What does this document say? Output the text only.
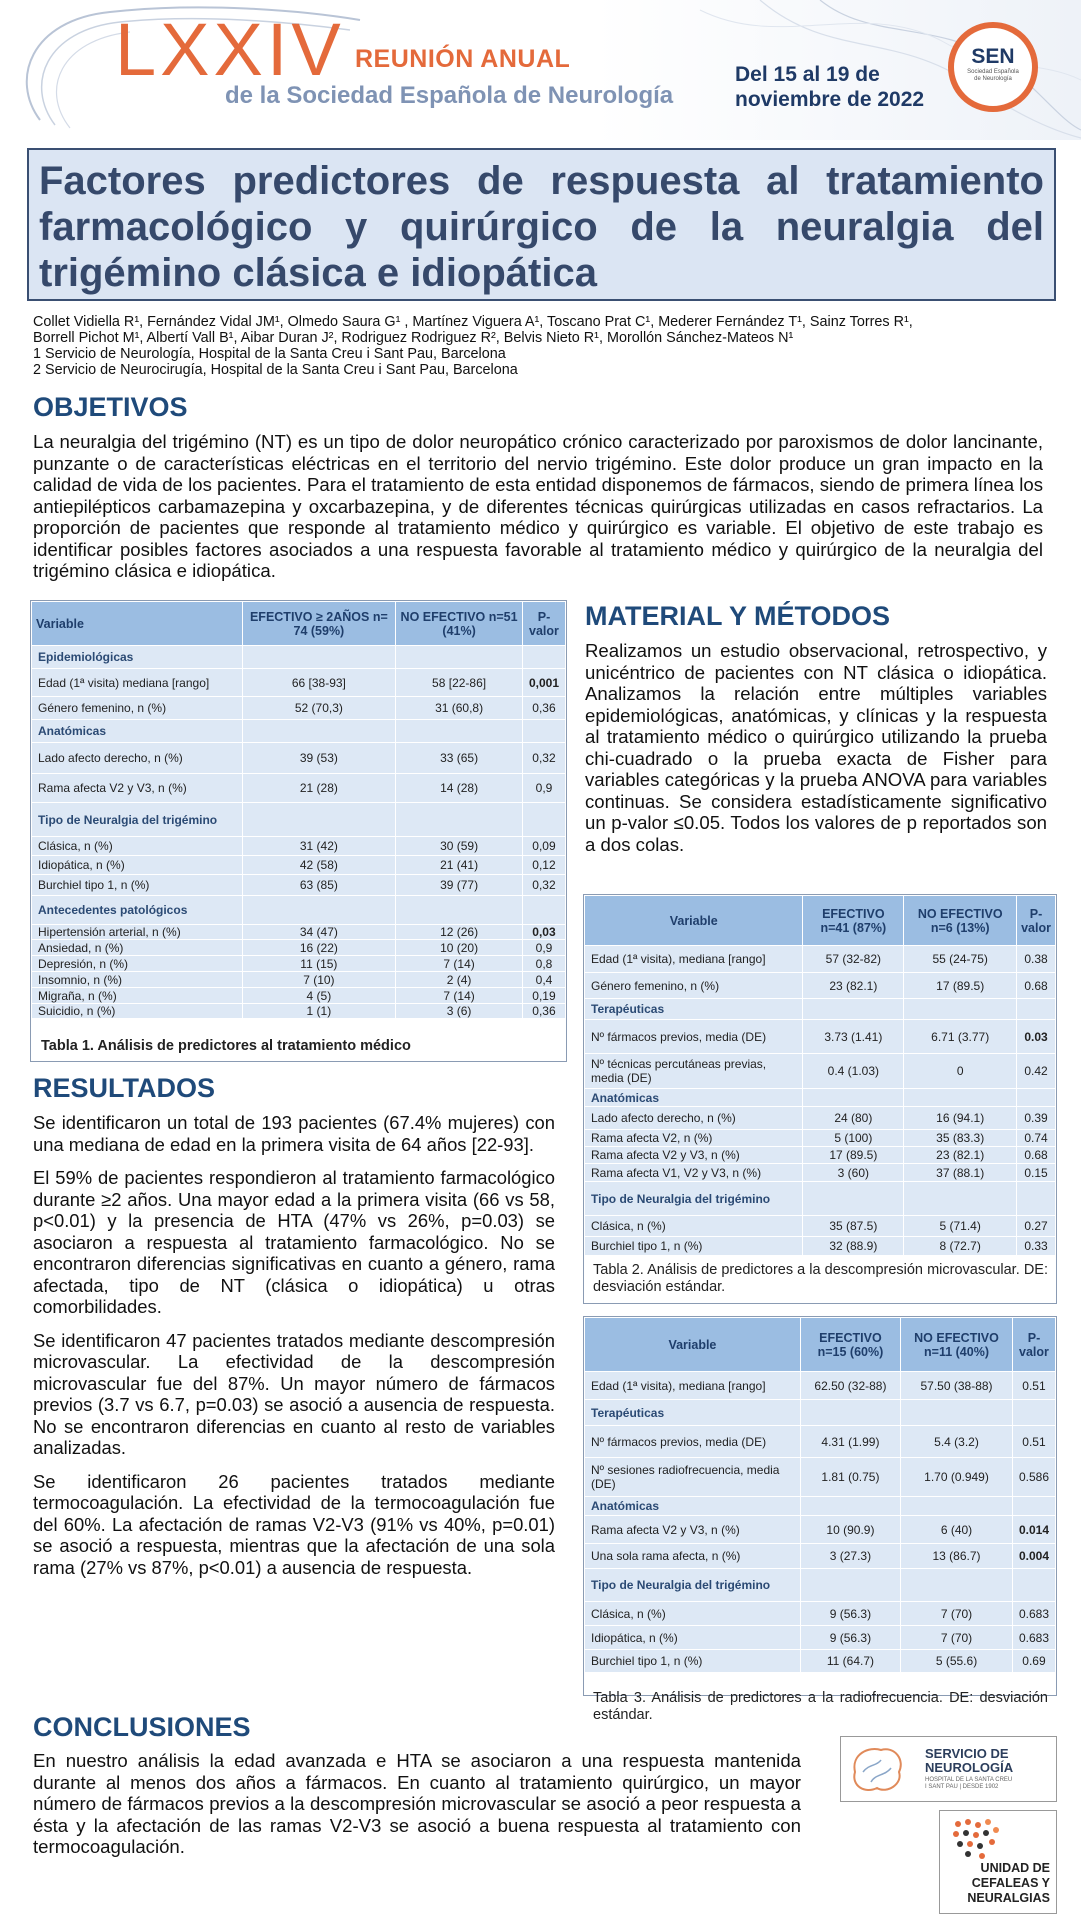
LXXIV REUNIÓN ANUAL
de la Sociedad Española de Neurología
Del 15 al 19 de
noviembre de 2022
SEN
Sociedad Española
de Neurología
Factores predictores de respuesta al tratamiento farmacológico y quirúrgico de la neuralgia del trigémino clásica e idiopática
Collet Vidiella R¹, Fernández Vidal JM¹, Olmedo Saura G¹ , Martínez Viguera A¹, Toscano Prat C¹, Mederer Fernández T¹, Sainz Torres R¹,
Borrell Pichot M¹, Albertí Vall B¹, Aibar Duran J², Rodriguez Rodriguez R², Belvis Nieto R¹, Morollón Sánchez-Mateos N¹
1 Servicio de Neurología, Hospital de la Santa Creu i Sant Pau, Barcelona
2 Servicio de Neurocirugía, Hospital de la Santa Creu i Sant Pau, Barcelona
OBJETIVOS
La neuralgia del trigémino (NT) es un tipo de dolor neuropático crónico caracterizado por paroxismos de dolor lancinante, punzante o de características eléctricas en el territorio del nervio trigémino. Este dolor produce un gran impacto en la calidad de vida de los pacientes. Para el tratamiento de esta entidad disponemos de fármacos, siendo de primera línea los antiepilépticos carbamazepina y oxcarbazepina, y de diferentes técnicas quirúrgicas utilizadas en casos refractarios. La proporción de pacientes que responde al tratamiento médico y quirúrgico es variable. El objetivo de este trabajo es identificar posibles factores asociados a una respuesta favorable al tratamiento médico y quirúrgico de la neuralgia del trigémino clásica e idiopática.
Variable	EFECTIVO ≥ 2AÑOS n= 74 (59%)	NO EFECTIVO n=51 (41%)	P-valor
Epidemiológicas			
Edad (1ª visita) mediana [rango]	66 [38-93]	58 [22-86]	0,001
Género femenino, n (%)	52 (70,3)	31 (60,8)	0,36
Anatómicas			
Lado afecto derecho, n (%)	39 (53)	33 (65)	0,32
Rama afecta V2 y V3, n (%)	21 (28)	14 (28)	0,9
Tipo de Neuralgia del trigémino			
Clásica, n (%)	31 (42)	30 (59)	0,09
Idiopática, n (%)	42 (58)	21 (41)	0,12
Burchiel tipo 1, n (%)	63 (85)	39 (77)	0,32
Antecedentes patológicos			
Hipertensión arterial, n (%)	34 (47)	12 (26)	0,03
Ansiedad, n (%)	16 (22)	10 (20)	0,9
Depresión, n (%)	11 (15)	7 (14)	0,8
Insomnio, n (%)	7 (10)	2 (4)	0,4
Migraña, n (%)	4 (5)	7 (14)	0,19
Suicidio, n (%)	1 (1)	3 (6)	0,36
Tabla 1. Análisis de predictores al tratamiento médico
RESULTADOS

Se identificaron un total de 193 pacientes (67.4% mujeres) con una mediana de edad en la primera visita de 64 años [22-93].

El 59% de pacientes respondieron al tratamiento farmacológico durante ≥2 años. Una mayor edad a la primera visita (66 vs 58, p<0.01) y la presencia de HTA (47% vs 26%, p=0.03) se asociaron a respuesta al tratamiento farmacológico. No se encontraron diferencias significativas en cuanto a género, rama afectada, tipo de NT (clásica o idiopática) u otras comorbilidades.

Se identificaron 47 pacientes tratados mediante descompresión microvascular. La efectividad de la descompresión microvascular fue del 87%. Un mayor número de fármacos previos (3.7 vs 6.7, p=0.03) se asoció a ausencia de respuesta. No se encontraron diferencias en cuanto al resto de variables analizadas.

Se identificaron 26 pacientes tratados mediante termocoagulación. La efectividad de la termocoagulación fue del 60%. La afectación de ramas V2-V3 (91% vs 40%, p=0.01) se asoció a respuesta, mientras que la afectación de una sola rama (27% vs 87%, p<0.01) a ausencia de respuesta.

MATERIAL Y MÉTODOS
Realizamos un estudio observacional, retrospectivo, y unicéntrico de pacientes con NT clásica o idiopática. Analizamos la relación entre múltiples variables epidemiológicas, anatómicas, y clínicas y la respuesta al tratamiento médico o quirúrgico utilizando la prueba chi-cuadrado o la prueba exacta de Fisher para variables categóricas y la prueba ANOVA para variables continuas. Se considera estadísticamente significativo un p-valor ≤0.05. Todos los valores de p reportados son a dos colas.
Variable	EFECTIVO n=41 (87%)	NO EFECTIVO n=6 (13%)	P-valor
Edad (1ª visita), mediana [rango]	57 (32-82)	55 (24-75)	0.38
Género femenino, n (%)	23 (82.1)	17 (89.5)	0.68
Terapéuticas			
Nº fármacos previos, media (DE)	3.73 (1.41)	6.71 (3.77)	0.03
Nº técnicas percutáneas previas, media (DE)	0.4 (1.03)	0	0.42
Anatómicas			
Lado afecto derecho, n (%)	24 (80)	16 (94.1)	0.39
Rama afecta V2, n (%)	5 (100)	35 (83.3)	0.74
Rama afecta V2 y V3, n (%)	17 (89.5)	23 (82.1)	0.68
Rama afecta V1, V2 y V3, n (%)	3 (60)	37 (88.1)	0.15
Tipo de Neuralgia del trigémino			
Clásica, n (%)	35 (87.5)	5 (71.4)	0.27
Burchiel tipo 1, n (%)	32 (88.9)	8 (72.7)	0.33
Tabla 2. Análisis de predictores a la descompresión microvascular. DE: desviación estándar.
Variable	EFECTIVO n=15 (60%)	NO EFECTIVO n=11 (40%)	P-valor
Edad (1ª visita), mediana [rango]	62.50 (32-88)	57.50 (38-88)	0.51
Terapéuticas			
Nº fármacos previos, media (DE)	4.31 (1.99)	5.4 (3.2)	0.51
Nº sesiones radiofrecuencia, media (DE)	1.81 (0.75)	1.70 (0.949)	0.586
Anatómicas			
Rama afecta V2 y V3, n (%)	10 (90.9)	6 (40)	0.014
Una sola rama afecta, n (%)	3 (27.3)	13 (86.7)	0.004
Tipo de Neuralgia del trigémino			
Clásica, n (%)	9 (56.3)	7 (70)	0.683
Idiopática, n (%)	9 (56.3)	7 (70)	0.683
Burchiel tipo 1, n (%)	11 (64.7)	5 (55.6)	0.69
Tabla 3. Análisis de predictores a la radiofrecuencia. DE: desviación estándar.
CONCLUSIONES
En nuestro análisis la edad avanzada e HTA se asociaron a una respuesta mantenida durante al menos dos años a fármacos. En cuanto al tratamiento quirúrgico, un mayor número de fármacos previos a la descompresión microvascular se asoció a peor respuesta a ésta y la afectación de las ramas V2-V3 se asoció a buena respuesta al tratamiento con termocoagulación.
SERVICIO DE
NEUROLOGÍA
HOSPITAL DE LA SANTA CREU
I SANT PAU | DESDE 1902
UNIDAD DE
CEFALEAS Y
NEURALGIAS
